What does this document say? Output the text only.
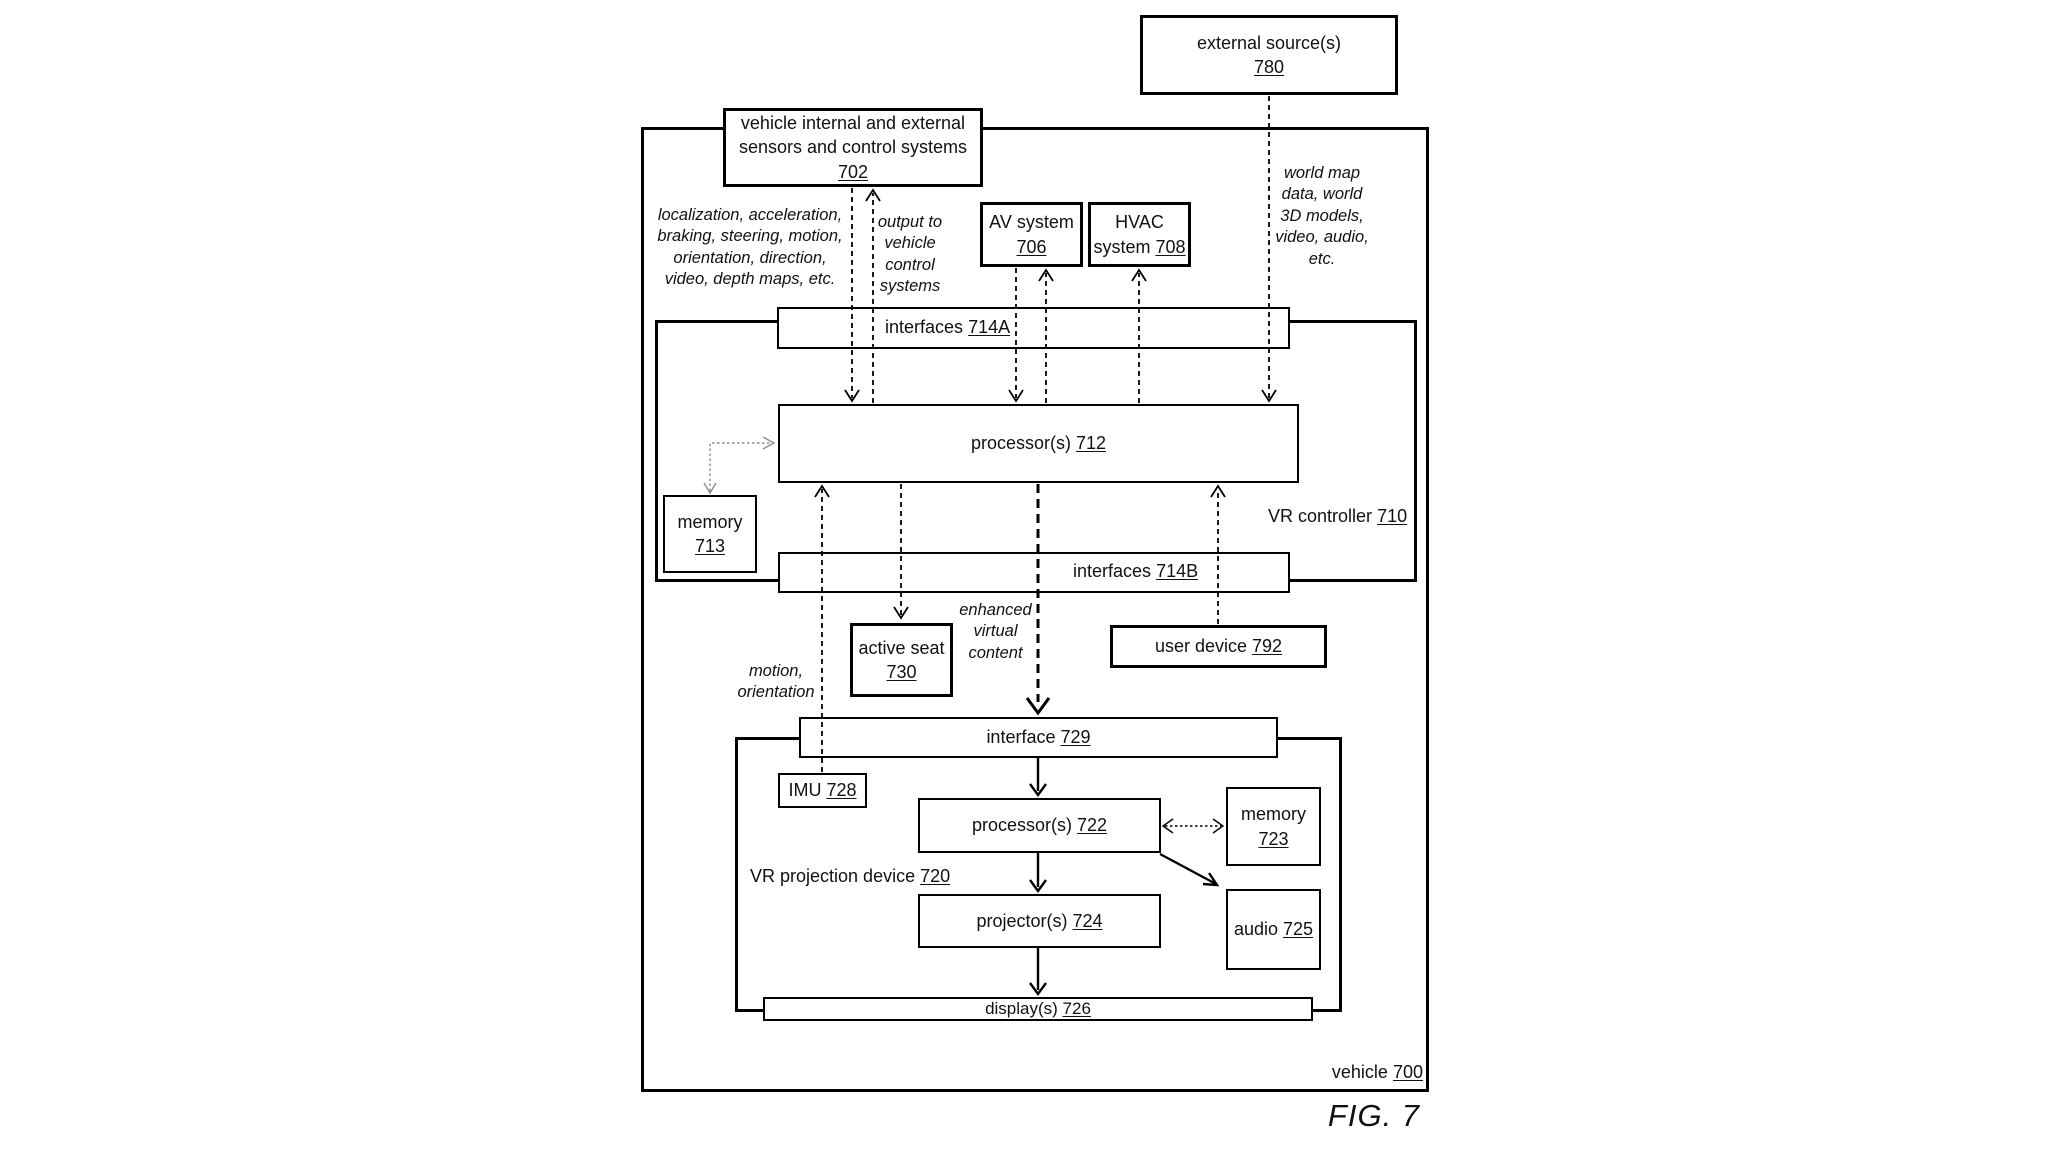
external source(s)
780
vehicle internal and external
sensors and control systems 702
AV system
706
HVAC
system 708
interfaces 714A
processor(s) 712
memory
713
interfaces 714B
active seat
730
user device 792
interface 729
IMU 728
processor(s) 722
memory
723
projector(s) 724	audio 725
display(s) 726
VR controller 710
VR projection device 720
vehicle 700
localization, acceleration, braking, steering, motion, orientation, direction, video, depth maps, etc.
output to vehicle control systems
world map data, world 3D models, video, audio, etc.
enhanced virtual content
motion, orientation
FIG. 7
